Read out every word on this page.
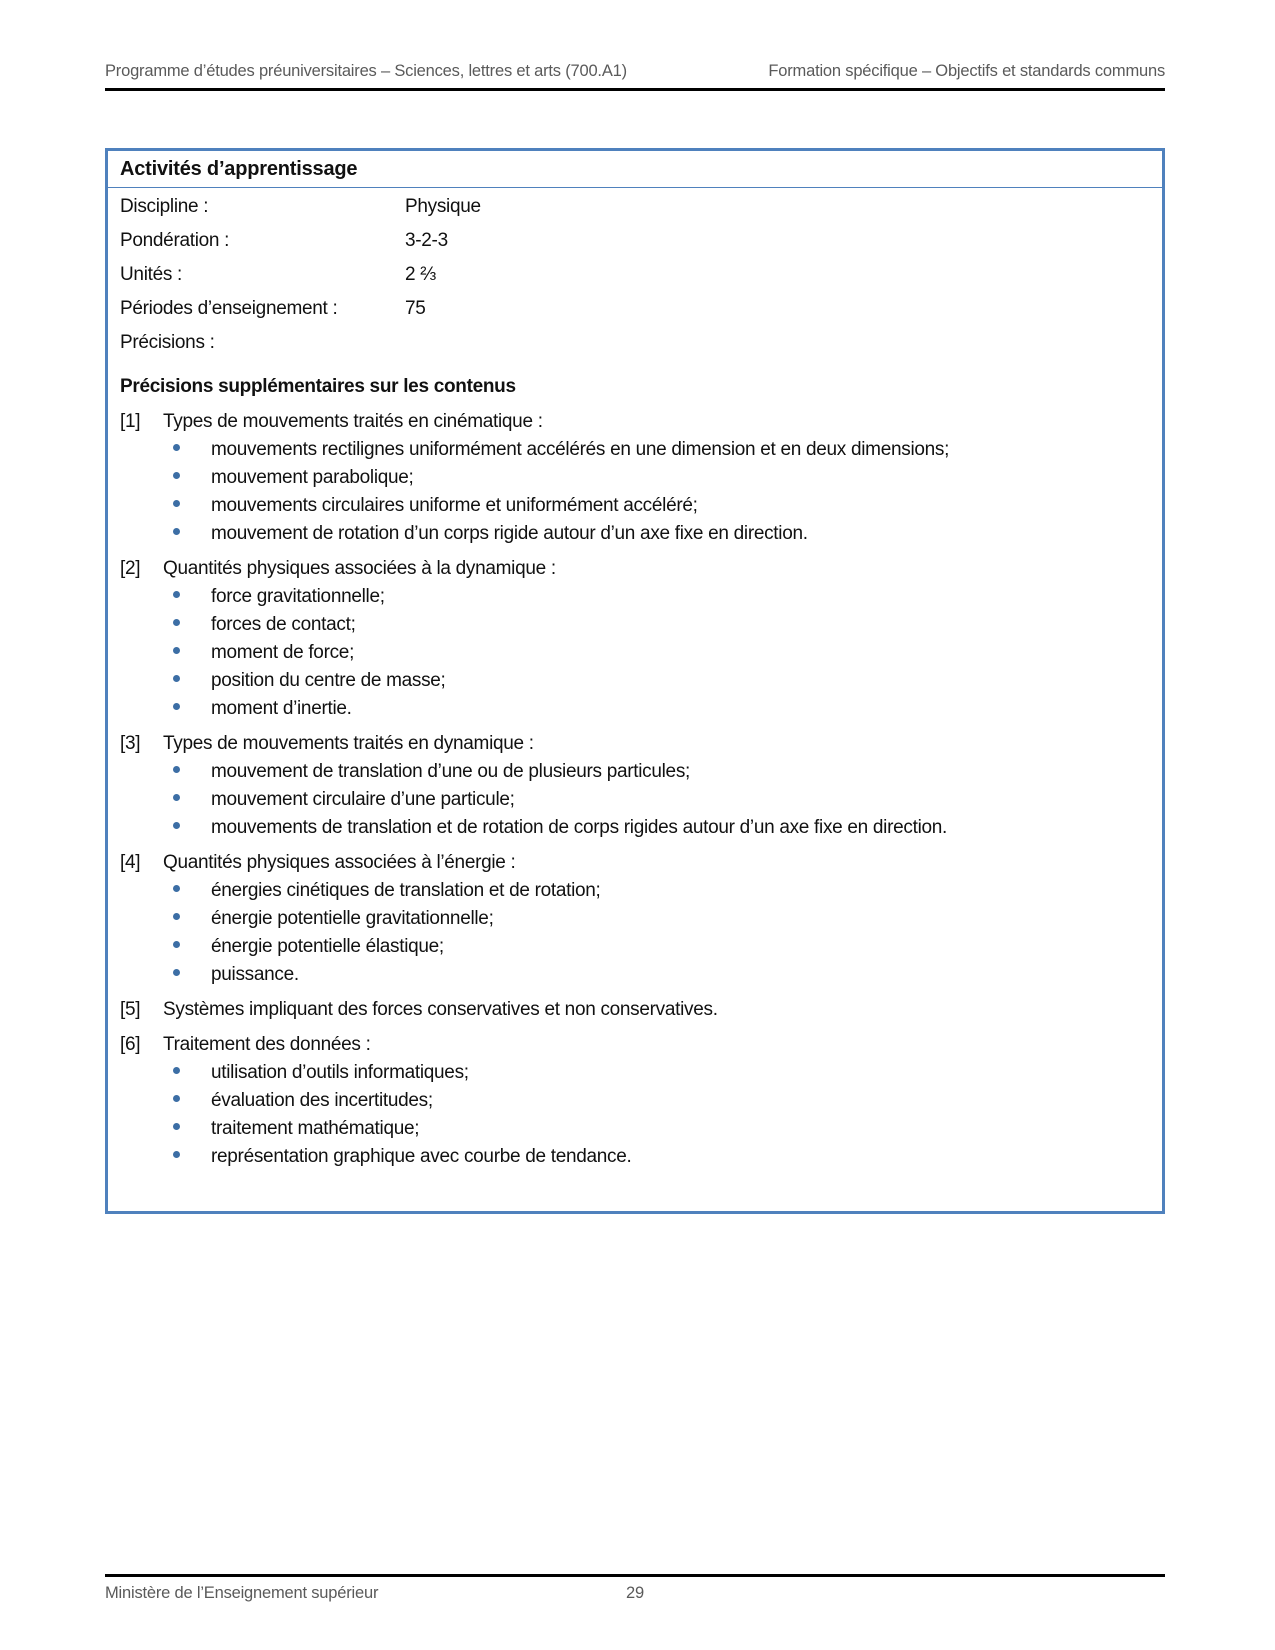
Programme d’études préuniversitaires – Sciences, lettres et arts (700.A1)	Formation spécifique – Objectifs et standards communs
Activités d’apprentissage
Discipline :	Physique
Pondération :	3-2-3
Unités :	2 ⅔
Périodes d’enseignement :	75
Précisions :
Précisions supplémentaires sur les contenus
[1]	Types de mouvements traités en cinématique :
mouvements rectilignes uniformément accélérés en une dimension et en deux dimensions;
mouvement parabolique;
mouvements circulaires uniforme et uniformément accéléré;
mouvement de rotation d’un corps rigide autour d’un axe fixe en direction.
[2]	Quantités physiques associées à la dynamique :
force gravitationnelle;
forces de contact;
moment de force;
position du centre de masse;
moment d’inertie.
[3]	Types de mouvements traités en dynamique :
mouvement de translation d’une ou de plusieurs particules;
mouvement circulaire d’une particule;
mouvements de translation et de rotation de corps rigides autour d’un axe fixe en direction.
[4]	Quantités physiques associées à l’énergie :
énergies cinétiques de translation et de rotation;
énergie potentielle gravitationnelle;
énergie potentielle élastique;
puissance.
[5]	Systèmes impliquant des forces conservatives et non conservatives.
[6]	Traitement des données :
utilisation d’outils informatiques;
évaluation des incertitudes;
traitement mathématique;
représentation graphique avec courbe de tendance.
Ministère de l’Enseignement supérieur	29
